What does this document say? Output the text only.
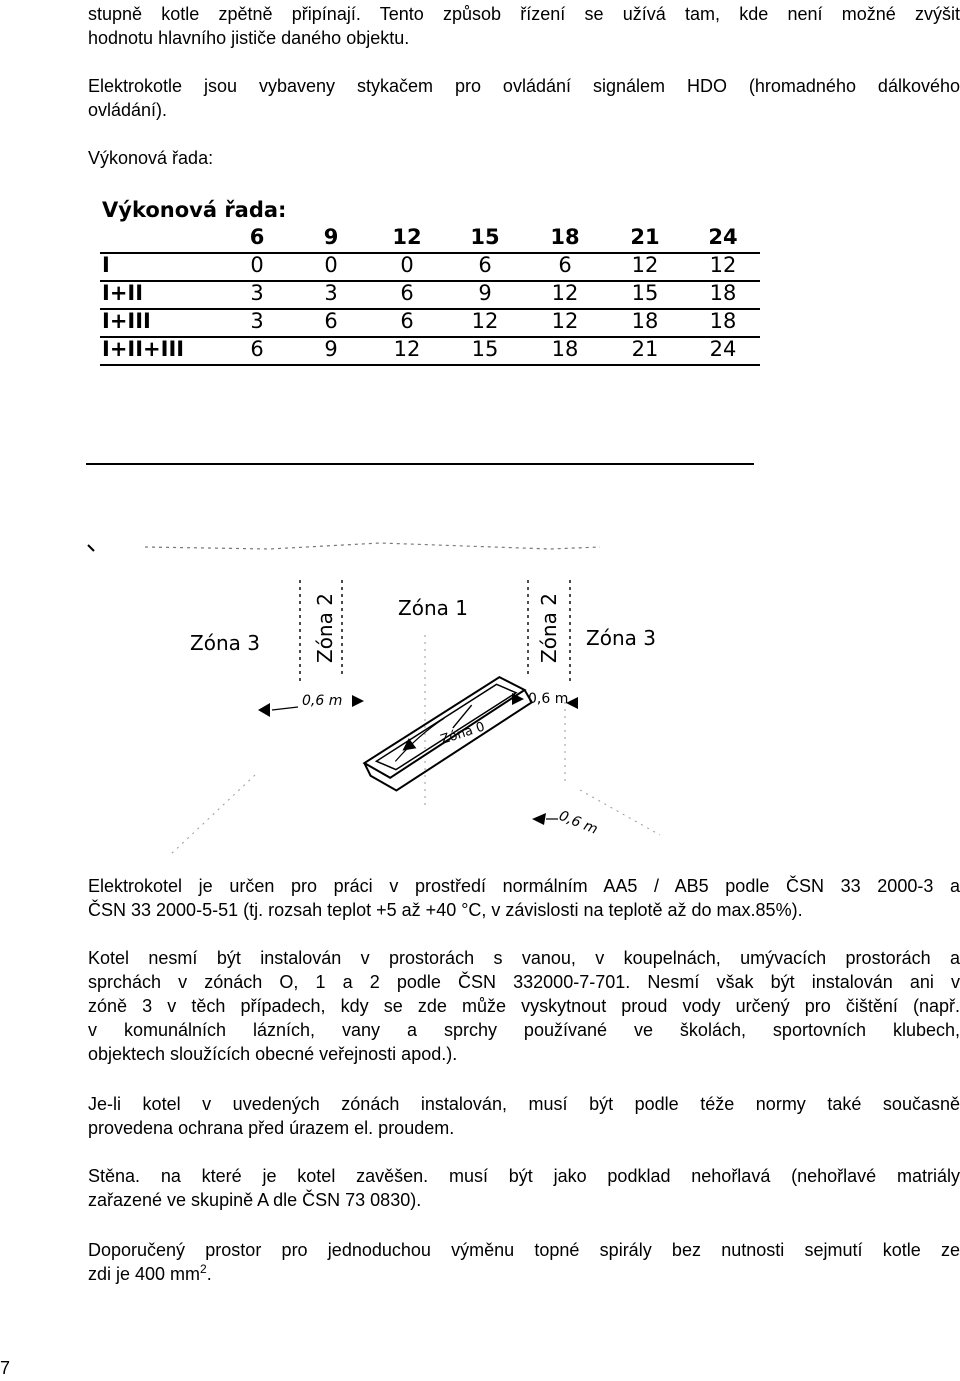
stupně kotle zpětně připínají. Tento způsob řízení se užívá tam, kde není možné zvýšit
hodnotu hlavního jističe daného objektu.
Elektrokotle jsou vybaveny stykačem pro ovládání signálem HDO (hromadného dálkového
ovládání).
Výkonová řada:
Výkonová řada:
6	9	12	15	18	21	24
I	0	0	0	6	6	12	12
I+II	3	3	6	9	12	15	18
I+III	3	6	6	12	12	18	18
I+II+III	6	9	12	15	18	21	24
Zóna 3	Zóna 2	Zóna 1	Zóna 2 Zóna 3
0,6 m	0,6 m
Zóna 0
0,6 m
Elektrokotel je určen pro práci v prostředí normálním AA5 / AB5 podle ČSN 33 2000-3 a
ČSN 33 2000-5-51 (tj. rozsah teplot +5 až +40 °C, v závislosti na teplotě až do max.85%).
Kotel nesmí být instalován v prostorách s vanou, v koupelnách, umývacích prostorách a
sprchách v zónách O, 1 a 2 podle ČSN 332000-7-701. Nesmí však být instalován ani v
zóně 3 v těch případech, kdy se zde může vyskytnout proud vody určený pro čištění (např.
v komunálních lázních, vany a sprchy používané ve školách, sportovních klubech,
objektech sloužících obecné veřejnosti apod.).
Je-li kotel v uvedených zónách instalován, musí být podle téže normy také současně
provedena ochrana před úrazem el. proudem.
Stěna. na které je kotel zavěšen. musí být jako podklad nehořlavá (nehořlavé matriály
zařazené ve skupině A dle ČSN 73 0830).
Doporučený prostor pro jednoduchou výměnu topné spirály bez nutnosti sejmutí kotle ze
zdi je 400 $mm^2$.
7
